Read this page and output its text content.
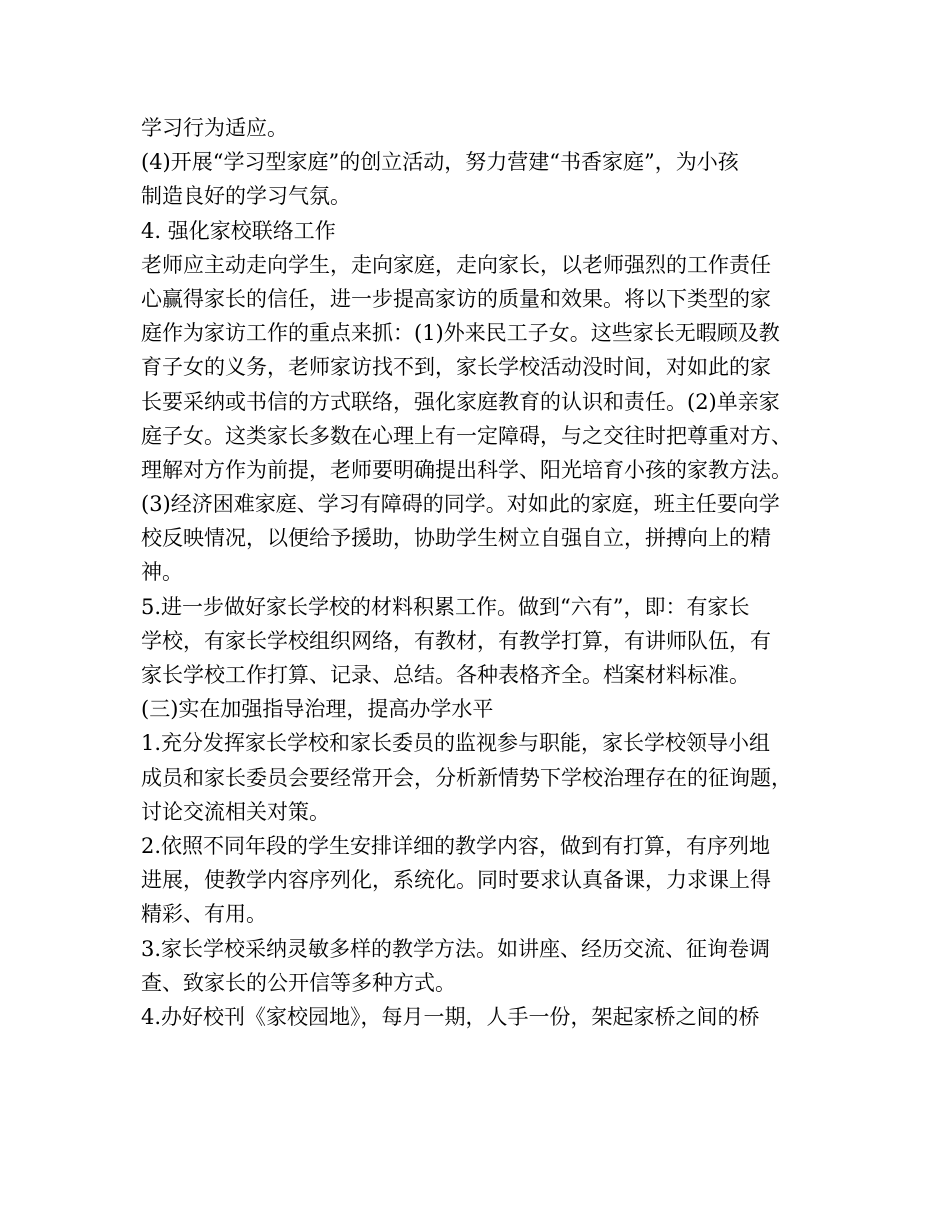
学习行为适应。
(4)开展“学习型家庭”的创立活动，努力营建“书香家庭”，为小孩
制造良好的学习气氛。
4. 强化家校联络工作
老师应主动走向学生，走向家庭，走向家长，以老师强烈的工作责任
心赢得家长的信任，进一步提高家访的质量和效果。将以下类型的家
庭作为家访工作的重点来抓：(1)外来民工子女。这些家长无暇顾及教
育子女的义务，老师家访找不到，家长学校活动没时间，对如此的家
长要采纳或书信的方式联络，强化家庭教育的认识和责任。(2)单亲家
庭子女。这类家长多数在心理上有一定障碍，与之交往时把尊重对方、
理解对方作为前提，老师要明确提出科学、阳光培育小孩的家教方法。
(3)经济困难家庭、学习有障碍的同学。对如此的家庭，班主任要向学
校反映情况，以便给予援助，协助学生树立自强自立，拼搏向上的精
神。
5.进一步做好家长学校的材料积累工作。做到“六有”，即：有家长
学校，有家长学校组织网络，有教材，有教学打算，有讲师队伍，有
家长学校工作打算、记录、总结。各种表格齐全。档案材料标准。
(三)实在加强指导治理，提高办学水平
1.充分发挥家长学校和家长委员的监视参与职能，家长学校领导小组
成员和家长委员会要经常开会，分析新情势下学校治理存在的征询题，
讨论交流相关对策。
2.依照不同年段的学生安排详细的教学内容，做到有打算，有序列地
进展，使教学内容序列化，系统化。同时要求认真备课，力求课上得
精彩、有用。
3.家长学校采纳灵敏多样的教学方法。如讲座、经历交流、征询卷调
查、致家长的公开信等多种方式。
4.办好校刊《家校园地》，每月一期，人手一份，架起家桥之间的桥
